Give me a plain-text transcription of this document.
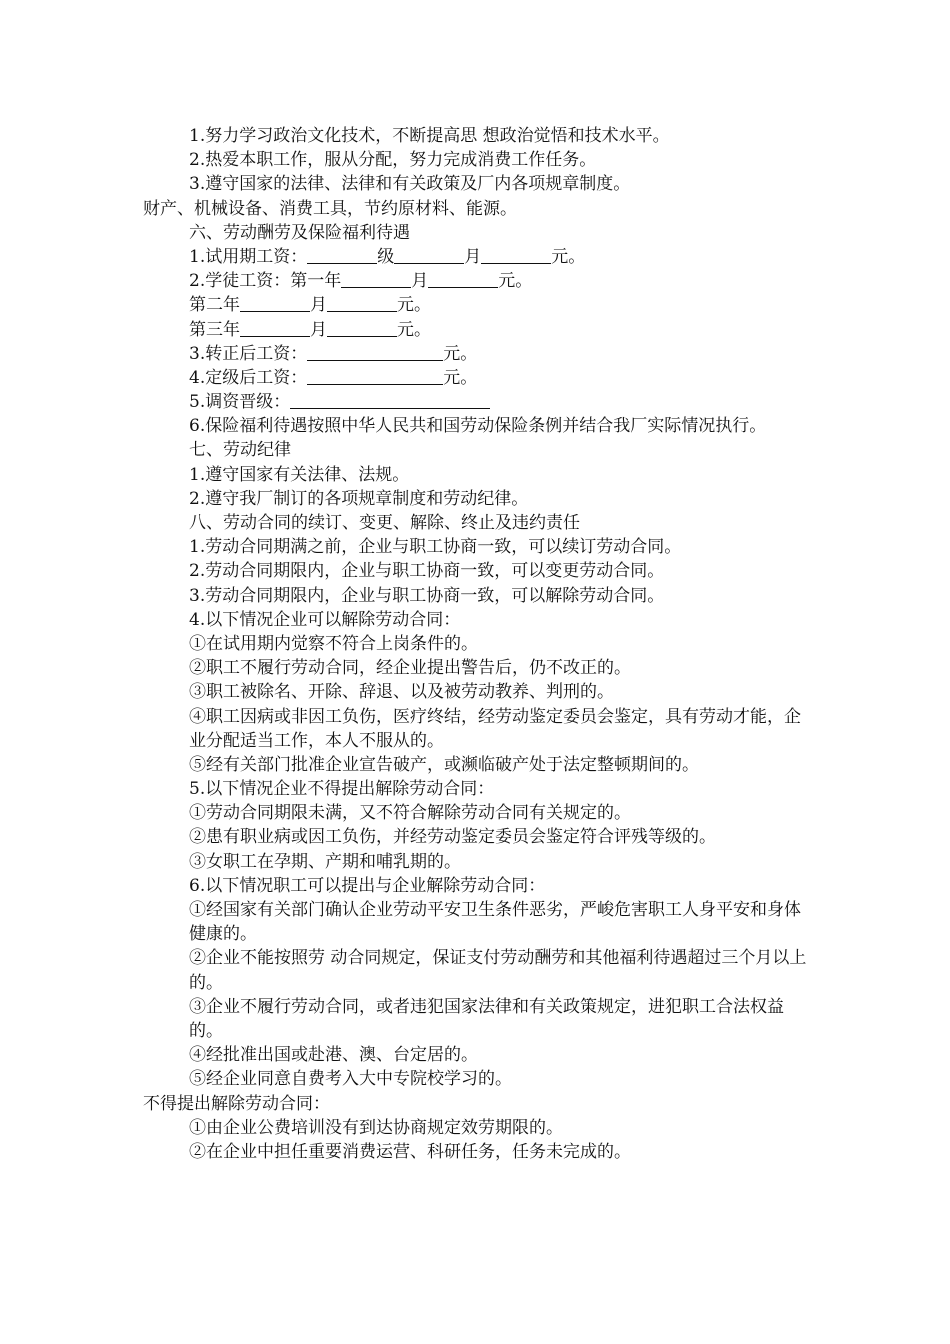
1.努力学习政治文化技术，不断提高思 想政治觉悟和技术水平。
2.热爱本职工作，服从分配，努力完成消费工作任务。
3.遵守国家的法律、法律和有关政策及厂内各项规章制度。
财产、机械设备、消费工具，节约原材料、能源。
六、劳动酬劳及保险福利待遇
1.试用期工资：	级	月	元。
2.学徒工资：第一年	月	元。
第二年	月	元。
第三年	月	元。
3.转正后工资：	元。
4.定级后工资：	元。
5.调资晋级：
6.保险福利待遇按照中华人民共和国劳动保险条例并结合我厂实际情况执行。
七、劳动纪律
1.遵守国家有关法律、法规。
2.遵守我厂制订的各项规章制度和劳动纪律。
八、劳动合同的续订、变更、解除、终止及违约责任
1.劳动合同期满之前，企业与职工协商一致，可以续订劳动合同。
2.劳动合同期限内，企业与职工协商一致，可以变更劳动合同。
3.劳动合同期限内，企业与职工协商一致，可以解除劳动合同。
4.以下情况企业可以解除劳动合同：
①在试用期内觉察不符合上岗条件的。
②职工不履行劳动合同，经企业提出警告后，仍不改正的。
③职工被除名、开除、辞退、以及被劳动教养、判刑的。
④职工因病或非因工负伤，医疗终结，经劳动鉴定委员会鉴定，具有劳动才能，企业分配适当工作，本人不服从的。
⑤经有关部门批准企业宣告破产，或濒临破产处于法定整顿期间的。
5.以下情况企业不得提出解除劳动合同：
①劳动合同期限未满，又不符合解除劳动合同有关规定的。
②患有职业病或因工负伤，并经劳动鉴定委员会鉴定符合评残等级的。
③女职工在孕期、产期和哺乳期的。
6.以下情况职工可以提出与企业解除劳动合同：
①经国家有关部门确认企业劳动平安卫生条件恶劣，严峻危害职工人身平安和身体健康的。
②企业不能按照劳 动合同规定，保证支付劳动酬劳和其他福利待遇超过三个月以上的。
③企业不履行劳动合同，或者违犯国家法律和有关政策规定，进犯职工合法权益的。
④经批准出国或赴港、澳、台定居的。
⑤经企业同意自费考入大中专院校学习的。
不得提出解除劳动合同：
①由企业公费培训没有到达协商规定效劳期限的。
②在企业中担任重要消费运营、科研任务，任务未完成的。
